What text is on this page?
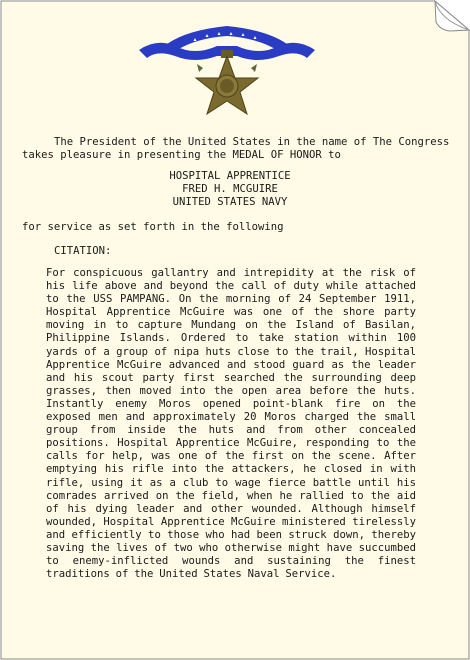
The President of the United States in the name of The Congress

takes pleasure in presenting the MEDAL OF HONOR to

HOSPITAL APPRENTICE
FRED H. MCGUIRE
UNITED STATES NAVY

for service as set forth in the following

CITATION:

For conspicuous gallantry and intrepidity at the risk of his life above and beyond the call of duty while attached to the USS PAMPANG. On the morning of 24 September 1911, Hospital Apprentice McGuire was one of the shore party moving in to capture Mundang on the Island of Basilan, Philippine Islands. Ordered to take station within 100 yards of a group of nipa huts close to the trail, Hospital Apprentice McGuire advanced and stood guard as the leader and his scout party first searched the surrounding deep grasses, then moved into the open area before the huts. Instantly enemy Moros opened point-blank fire on the exposed men and approximately 20 Moros charged the small group from inside the huts and from other concealed positions. Hospital Apprentice McGuire, responding to the calls for help, was one of the first on the scene. After emptying his rifle into the attackers, he closed in with rifle, using it as a club to wage fierce battle until his comrades arrived on the field, when he rallied to the aid of his dying leader and other wounded. Although himself wounded, Hospital Apprentice McGuire ministered tirelessly and efficiently to those who had been struck down, thereby saving the lives of two who otherwise might have succumbed to enemy-inflicted wounds and sustaining the finest traditions of the United States Naval Service.
